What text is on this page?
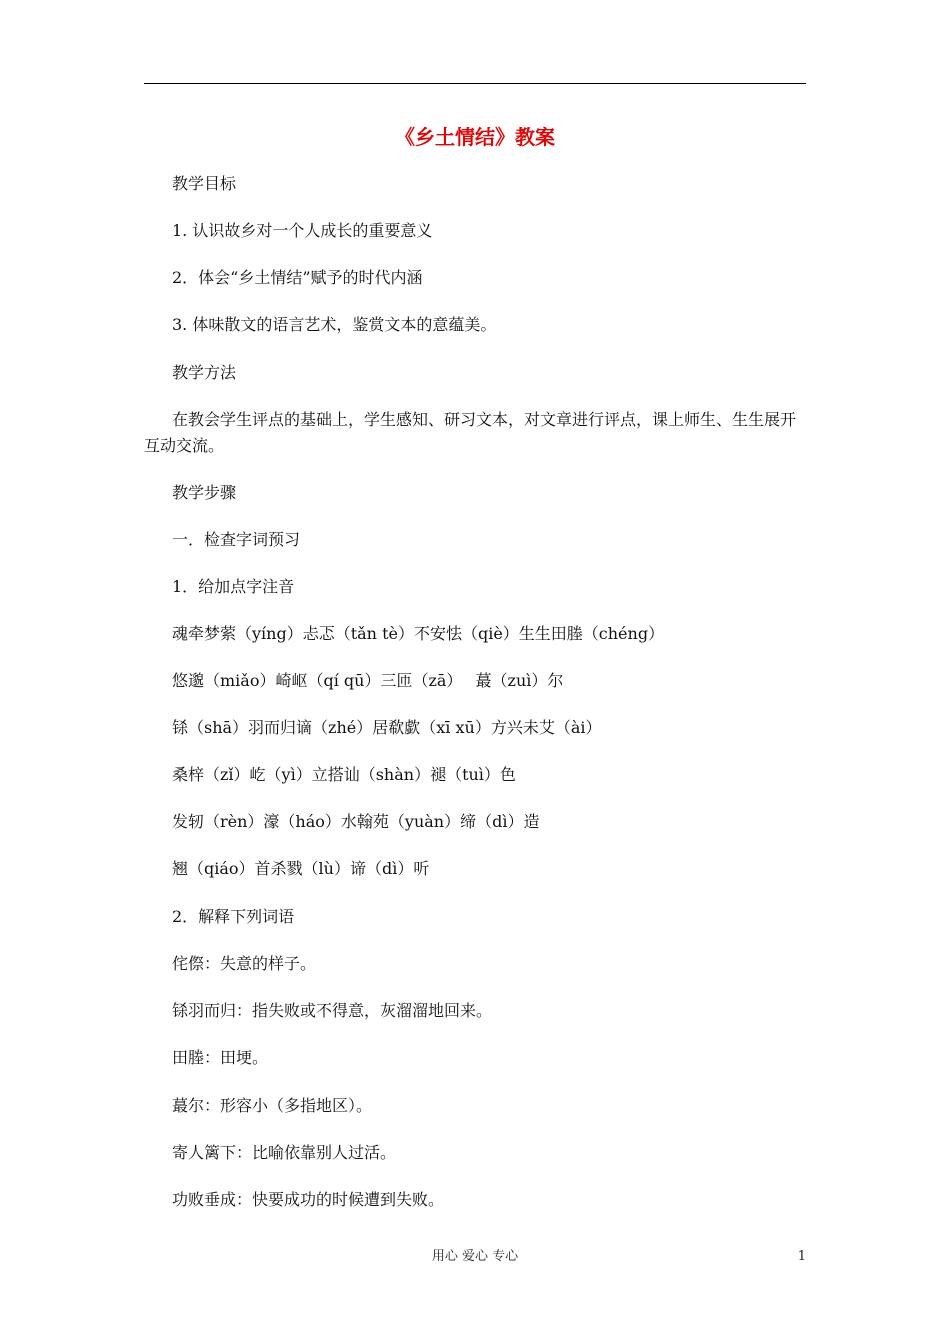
《乡土情结》教案
教学目标
1. 认识故乡对一个人成长的重要意义
2．体会“乡土情结”赋予的时代内涵
3. 体味散文的语言艺术，鉴赏文本的意蕴美。
教学方法
在教会学生评点的基础上，学生感知、研习文本，对文章进行评点，课上师生、生生展开互动交流。
教学步骤
一．检查字词预习
1．给加点字注音
魂牵梦萦（yíng）忐忑（tǎn tè）不安怯（qiè）生生田塍（chéng）
悠邈（miǎo）崎岖（qí qū）三匝（zā）　 蕞（zuì）尔
铩（shā）羽而归谪（zhé）居欷歔（xī xū）方兴未艾（ài）
桑梓（zǐ）屹（yì）立搭讪（shàn）褪（tuì）色
发轫（rèn）濠（háo）水翰苑（yuàn）缔（dì）造
翘（qiáo）首杀戮（lù）谛（dì）听
2．解释下列词语
侘傺：失意的样子。
铩羽而归：指失败或不得意，灰溜溜地回来。
田塍：田埂。
蕞尔：形容小（多指地区）。
寄人篱下：比喻依靠别人过活。
功败垂成：快要成功的时候遭到失败。
用心 爱心 专心	1
